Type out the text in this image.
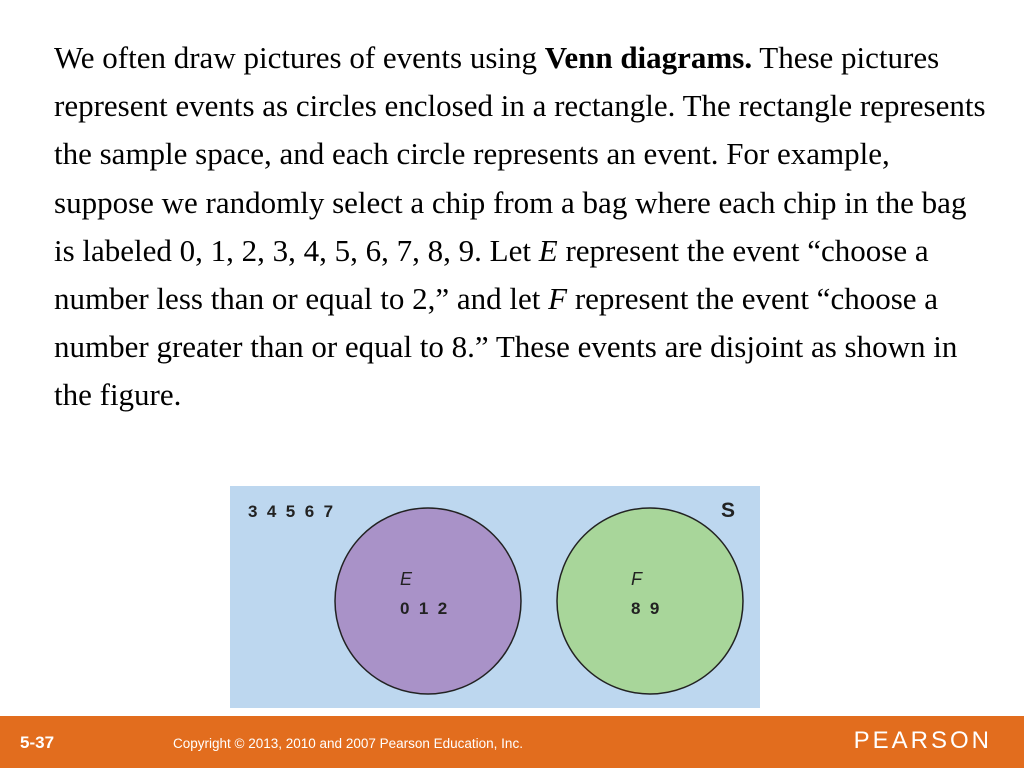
We often draw pictures of events using Venn diagrams. These pictures represent events as circles enclosed in a rectangle. The rectangle represents the sample space, and each circle represents an event. For example, suppose we randomly select a chip from a bag where each chip in the bag is labeled 0, 1, 2, 3, 4, 5, 6, 7, 8, 9. Let E represent the event “choose a number less than or equal to 2,” and let F represent the event “choose a number greater than or equal to 8.” These events are disjoint as shown in the figure.

3  4  5  6  7	S
E
0  1  2
F
8  9
5-37	Copyright © 2013, 2010 and 2007 Pearson Education, Inc.	PEARSON
